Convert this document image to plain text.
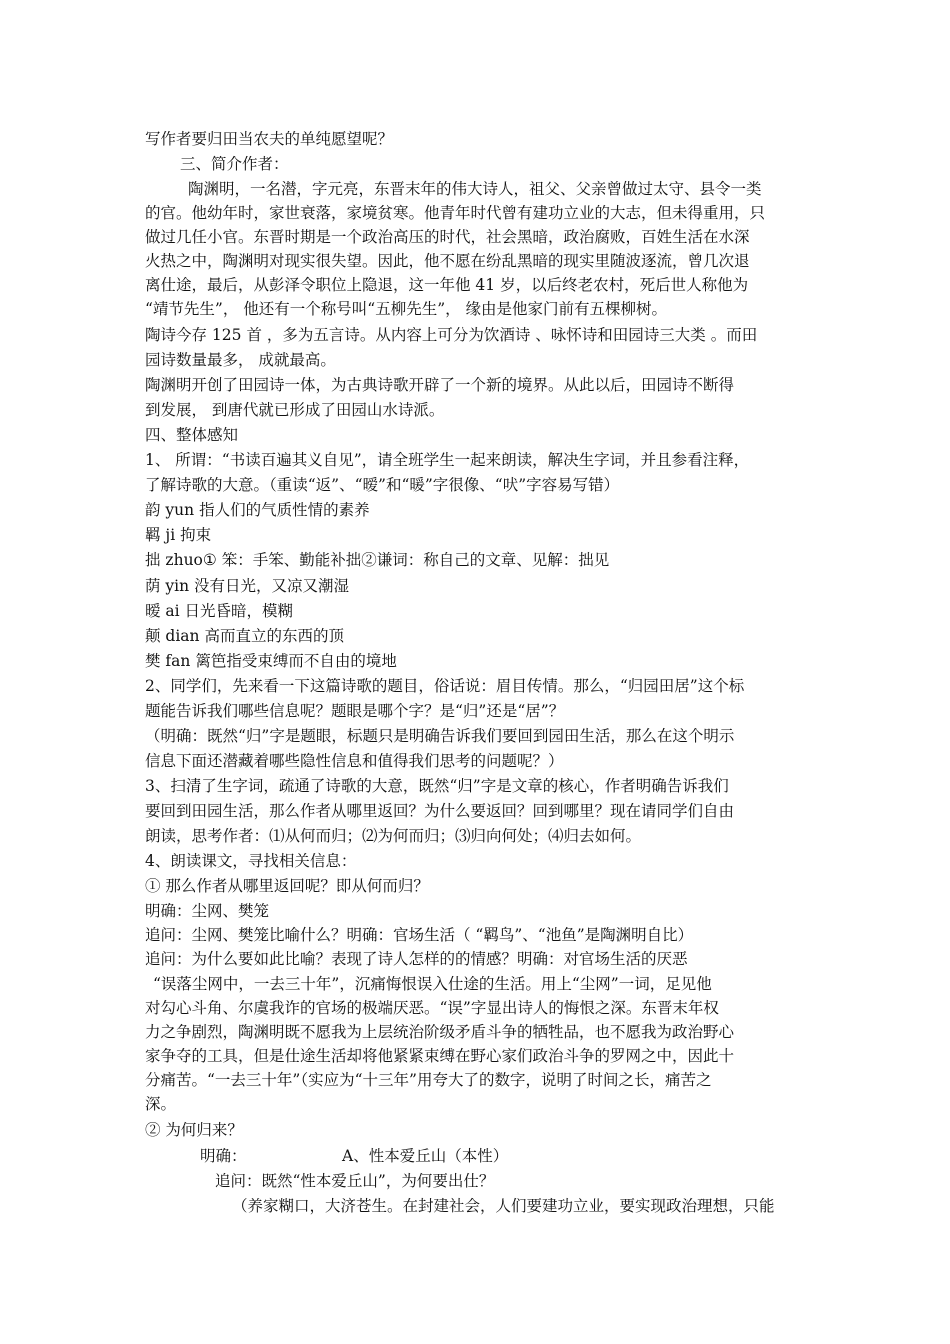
写作者要归田当农夫的单纯愿望呢？
三、简介作者：
陶渊明，一名潜，字元亮，东晋末年的伟大诗人，祖父、父亲曾做过太守、县令一类
的官。他幼年时，家世衰落，家境贫寒。他青年时代曾有建功立业的大志，但未得重用，只
做过几任小官。东晋时期是一个政治高压的时代，社会黑暗，政治腐败，百姓生活在水深
火热之中，陶渊明对现实很失望。因此，他不愿在纷乱黑暗的现实里随波逐流，曾几次退
离仕途，最后，从彭泽令职位上隐退，这一年他 41 岁，以后终老农村，死后世人称他为
“靖节先生”， 他还有一个称号叫“五柳先生”， 缘由是他家门前有五棵柳树。
陶诗今存 125 首 ，多为五言诗。从内容上可分为饮酒诗 、咏怀诗和田园诗三大类 。而田
园诗数量最多， 成就最高。
陶渊明开创了田园诗一体，为古典诗歌开辟了一个新的境界。从此以后，田园诗不断得
到发展， 到唐代就已形成了田园山水诗派。
四、整体感知
1、 所谓：“书读百遍其义自见”，请全班学生一起来朗读，解决生字词，并且参看注释，
了解诗歌的大意。（重读“返”、“暧”和“暖”字很像、“吠”字容易写错）
韵 yun 指人们的气质性情的素养
羁 ji 拘束
拙 zhuo① 笨：手笨、勤能补拙②谦词：称自己的文章、见解：拙见
荫 yin 没有日光，又凉又潮湿
暧 ai 日光昏暗，模糊
颠 dian 高而直立的东西的顶
樊 fan 篱笆指受束缚而不自由的境地
2、同学们，先来看一下这篇诗歌的题目，俗话说：眉目传情。那么，“归园田居”这个标
题能告诉我们哪些信息呢？题眼是哪个字？是“归”还是“居”？
（明确：既然“归”字是题眼，标题只是明确告诉我们要回到园田生活，那么在这个明示
信息下面还潜藏着哪些隐性信息和值得我们思考的问题呢？）
3、扫清了生字词，疏通了诗歌的大意，既然“归”字是文章的核心，作者明确告诉我们
要回到田园生活，那么作者从哪里返回？为什么要返回？回到哪里？现在请同学们自由
朗读，思考作者：⑴从何而归；⑵为何而归；⑶归向何处；⑷归去如何。
4、朗读课文，寻找相关信息：
① 那么作者从哪里返回呢？即从何而归？
明确：尘网、樊笼
追问：尘网、樊笼比喻什么？明确：官场生活（ “羁鸟”、“池鱼”是陶渊明自比）
追问：为什么要如此比喻？表现了诗人怎样的的情感？明确：对官场生活的厌恶
“误落尘网中，一去三十年”，沉痛悔恨误入仕途的生活。用上“尘网”一词，足见他
对勾心斗角、尔虞我诈的官场的极端厌恶。“误”字显出诗人的悔恨之深。东晋末年权
力之争剧烈，陶渊明既不愿我为上层统治阶级矛盾斗争的牺牲品，也不愿我为政治野心
家争夺的工具，但是仕途生活却将他紧紧束缚在野心家们政治斗争的罗网之中，因此十
分痛苦。“一去三十年”（实应为“十三年”用夸大了的数字，说明了时间之长，痛苦之
深。
② 为何归来？
明确：	A、性本爱丘山（本性）
追问：既然“性本爱丘山”，为何要出仕？
（养家糊口，大济苍生。在封建社会，人们要建功立业，要实现政治理想，只能
